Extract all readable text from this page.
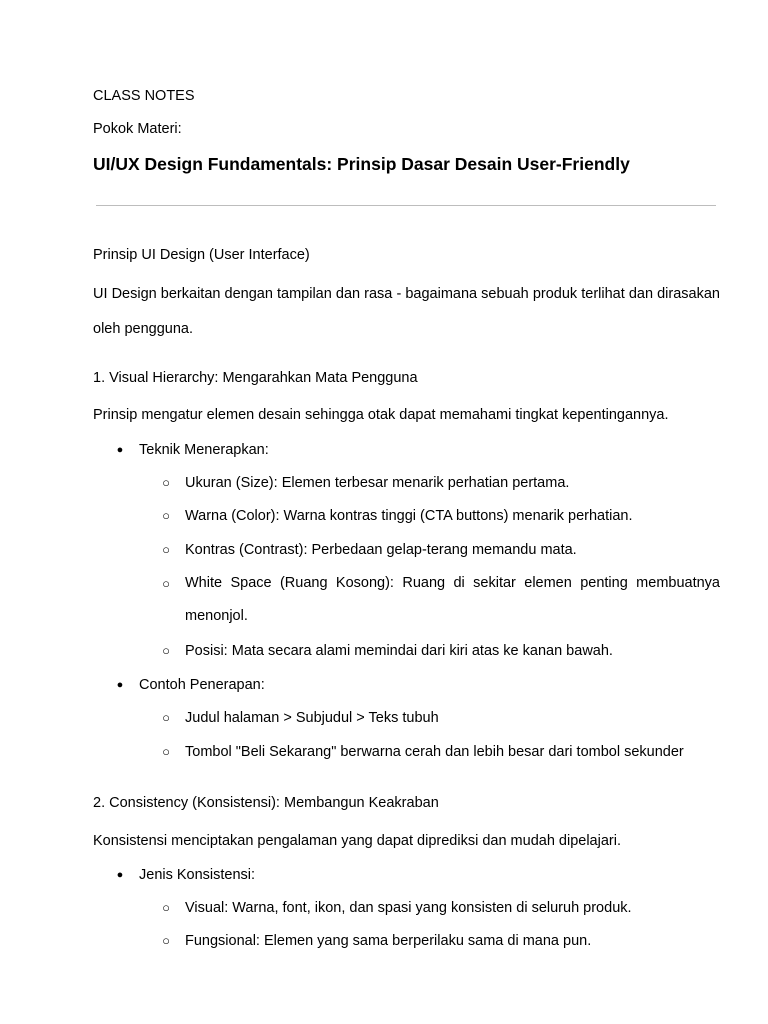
CLASS NOTES
Pokok Materi:
UI/UX Design Fundamentals: Prinsip Dasar Desain User-Friendly
Prinsip UI Design (User Interface)
UI Design berkaitan dengan tampilan dan rasa - bagaimana sebuah produk terlihat dan dirasakan oleh pengguna.
1. Visual Hierarchy: Mengarahkan Mata Pengguna
Prinsip mengatur elemen desain sehingga otak dapat memahami tingkat kepentingannya.
● Teknik Menerapkan:
○ Ukuran (Size): Elemen terbesar menarik perhatian pertama.
○ Warna (Color): Warna kontras tinggi (CTA buttons) menarik perhatian.
○ Kontras (Contrast): Perbedaan gelap-terang memandu mata.
○ White Space (Ruang Kosong): Ruang di sekitar elemen penting membuatnya menonjol.
○ Posisi: Mata secara alami memindai dari kiri atas ke kanan bawah.
● Contoh Penerapan:
○ Judul halaman > Subjudul > Teks tubuh
○ Tombol "Beli Sekarang" berwarna cerah dan lebih besar dari tombol sekunder
2. Consistency (Konsistensi): Membangun Keakraban
Konsistensi menciptakan pengalaman yang dapat diprediksi dan mudah dipelajari.
● Jenis Konsistensi:
○ Visual: Warna, font, ikon, dan spasi yang konsisten di seluruh produk.
○ Fungsional: Elemen yang sama berperilaku sama di mana pun.
